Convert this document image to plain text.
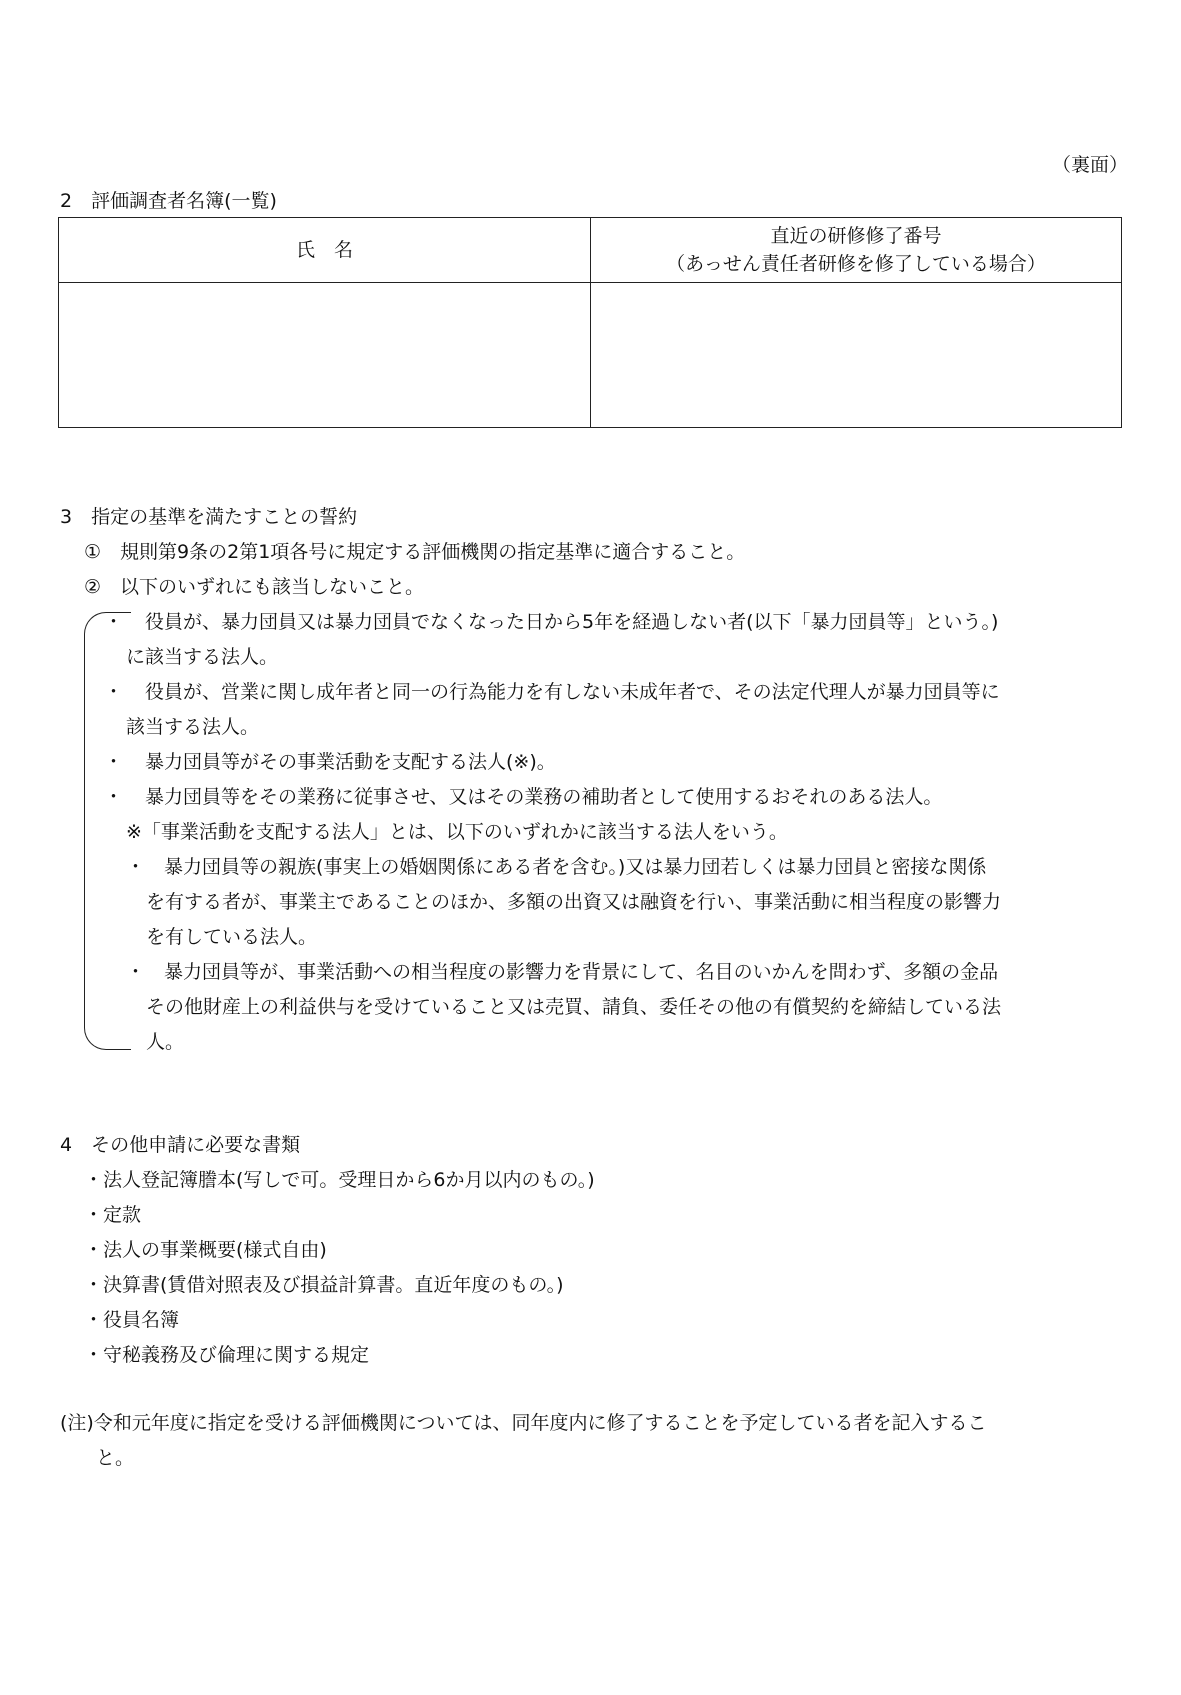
（裏面）
2　評価調査者名簿(一覧)
氏　名	直近の研修修了番号
（あっせん責任者研修を修了している場合）

3　指定の基準を満たすことの誓約
①　規則第9条の2第1項各号に規定する評価機関の指定基準に適合すること。
②　以下のいずれにも該当しないこと。
・ 役員が、暴力団員又は暴力団員でなくなった日から5年を経過しない者(以下「暴力団員等」という。)
に該当する法人。
・ 役員が、営業に関し成年者と同一の行為能力を有しない未成年者で、その法定代理人が暴力団員等に
該当する法人。
・ 暴力団員等がその事業活動を支配する法人(※)。
・ 暴力団員等をその業務に従事させ、又はその業務の補助者として使用するおそれのある法人。
※「事業活動を支配する法人」とは、以下のいずれかに該当する法人をいう。
・ 暴力団員等の親族(事実上の婚姻関係にある者を含む。)又は暴力団若しくは暴力団員と密接な関係
を有する者が、事業主であることのほか、多額の出資又は融資を行い、事業活動に相当程度の影響力
を有している法人。
・ 暴力団員等が、事業活動への相当程度の影響力を背景にして、名目のいかんを問わず、多額の金品
その他財産上の利益供与を受けていること又は売買、請負、委任その他の有償契約を締結している法
人。
4　その他申請に必要な書類
・法人登記簿謄本(写しで可。受理日から6か月以内のもの。)
・定款
・法人の事業概要(様式自由)
・決算書(賃借対照表及び損益計算書。直近年度のもの。)
・役員名簿
・守秘義務及び倫理に関する規定
(注)令和元年度に指定を受ける評価機関については、同年度内に修了することを予定している者を記入するこ
と。
